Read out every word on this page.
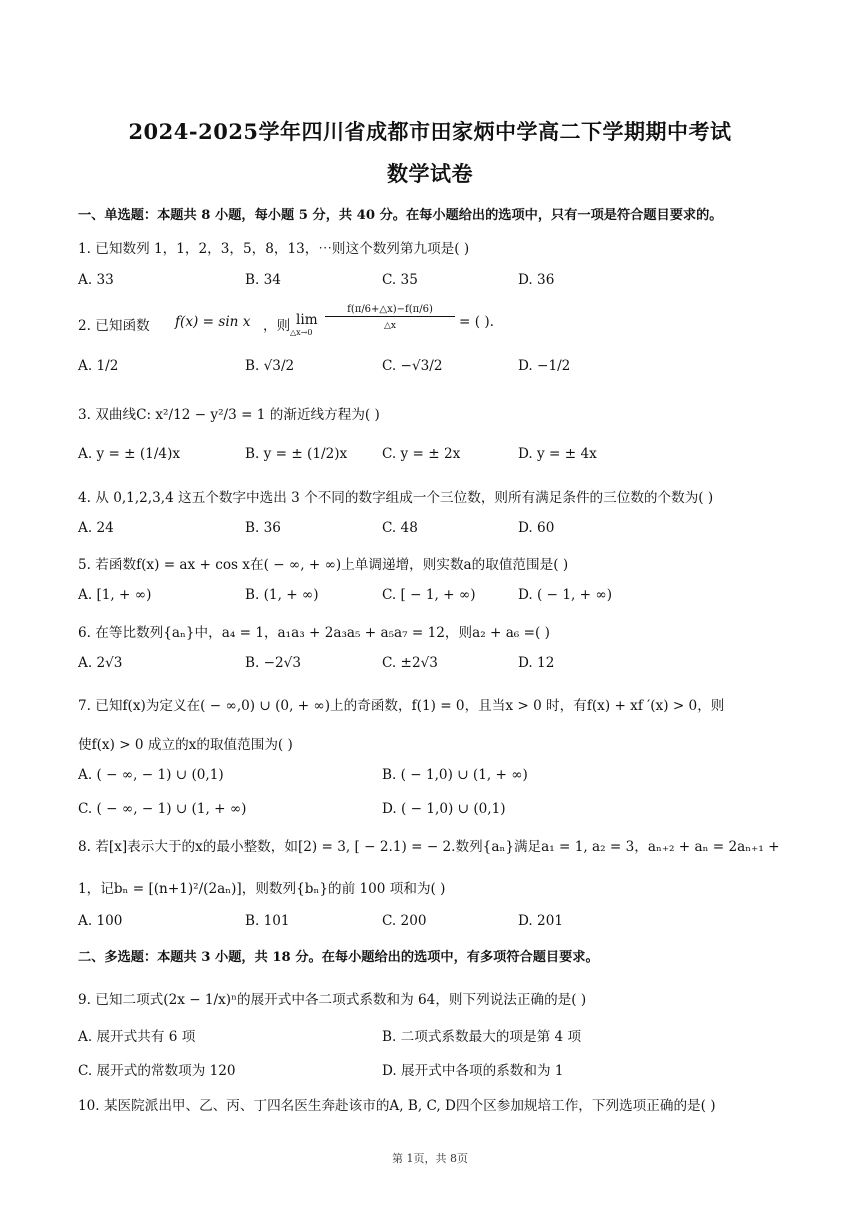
2024-2025学年四川省成都市田家炳中学高二下学期期中考试
数学试卷
一、单选题：本题共 8 小题，每小题 5 分，共 40 分。在每小题给出的选项中，只有一项是符合题目要求的。
1. 已知数列 1，1，2，3，5，8，13，⋯则这个数列第九项是( )
A. 33	B. 34	C. 35	D. 36
2. 已知函数 f(x) = sin x ，则 lim
△x→0
f(π/6+△x)−f(π/6)
△x	= ( ).
A. 1/2	B. √3/2	C. −√3/2	D. −1/2
3. 双曲线C: x²/12 − y²/3 = 1 的渐近线方程为( )
A. y = ± (1/4)x	B. y = ± (1/2)x	C. y = ± 2x	D. y = ± 4x
4. 从 0,1,2,3,4 这五个数字中选出 3 个不同的数字组成一个三位数，则所有满足条件的三位数的个数为( )
A. 24	B. 36	C. 48	D. 60
5. 若函数f(x) = ax + cos x在( − ∞, + ∞)上单调递增，则实数a的取值范围是( )
A. [1, + ∞)	B. (1, + ∞)	C. [ − 1, + ∞)	D. ( − 1, + ∞)
6. 在等比数列{aₙ}中，a₄ = 1，a₁a₃ + 2a₃a₅ + a₅a₇ = 12，则a₂ + a₆ =( )
A. 2√3	B. −2√3	C. ±2√3	D. 12
7. 已知f(x)为定义在( − ∞,0) ∪ (0, + ∞)上的奇函数，f(1) = 0，且当x > 0 时，有f(x) + xf ′(x) > 0，则
使f(x) > 0 成立的x的取值范围为( )
A. ( − ∞, − 1) ∪ (0,1)	B. ( − 1,0) ∪ (1, + ∞)
C. ( − ∞, − 1) ∪ (1, + ∞)	D. ( − 1,0) ∪ (0,1)
8. 若[x]表示大于的x的最小整数，如[2) = 3, [ − 2.1) = − 2.数列{aₙ}满足a₁ = 1, a₂ = 3，aₙ₊₂ + aₙ = 2aₙ₊₁ +
1，记bₙ = [(n+1)²/(2aₙ)]，则数列{bₙ}的前 100 项和为( )
A. 100	B. 101	C. 200	D. 201
二、多选题：本题共 3 小题，共 18 分。在每小题给出的选项中，有多项符合题目要求。
9. 已知二项式(2x − 1/x)ⁿ的展开式中各二项式系数和为 64，则下列说法正确的是( )
A. 展开式共有 6 项	B. 二项式系数最大的项是第 4 项
C. 展开式的常数项为 120	D. 展开式中各项的系数和为 1
10. 某医院派出甲、乙、丙、丁四名医生奔赴该市的A, B, C, D四个区参加规培工作，下列选项正确的是( )
第 1页，共 8页
